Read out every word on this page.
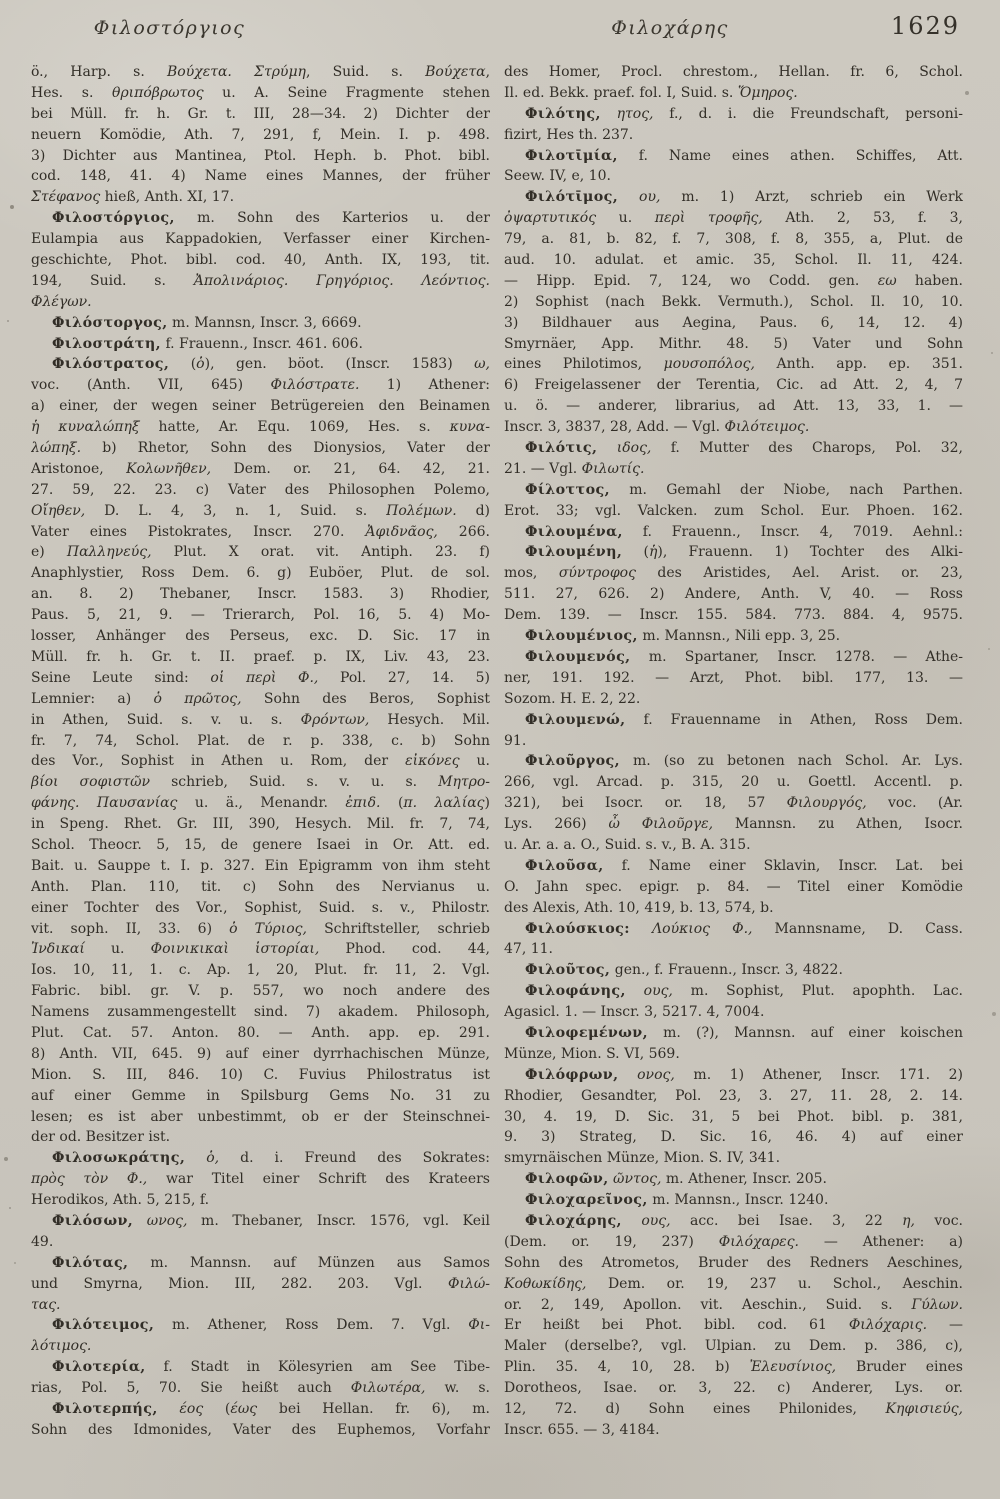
Φιλοστόργιος	Φιλοχάρης	1629
ö., Harp. s. Βούχετα. Στρύμη, Suid. s. Βούχετα,
Hes. s. θριπόβρωτος u. A. Seine Fragmente stehen
bei Müll. fr. h. Gr. t. III, 28—34. 2) Dichter der
neuern Komödie, Ath. 7, 291, f, Mein. I. p. 498.
3) Dichter aus Mantinea, Ptol. Heph. b. Phot. bibl.
cod. 148, 41. 4) Name eines Mannes, der früher
Στέφανος hieß, Anth. XI, 17.
Φιλοστόργιος, m. Sohn des Karterios u. der
Eulampia aus Kappadokien, Verfasser einer Kirchen-
geschichte, Phot. bibl. cod. 40, Anth. IX, 193, tit.
194, Suid. s. Ἀπολινάριος. Γρηγόριος. Λεόντιος.
Φλέγων.
Φιλόστοργος, m. Mannsn, Inscr. 3, 6669.
Φιλοστράτη, f. Frauenn., Inscr. 461. 606.
Φιλόστρατος, (ὁ), gen. böot. (Inscr. 1583) ω,
voc. (Anth. VII, 645) Φιλόστρατε. 1) Athener:
a) einer, der wegen seiner Betrügereien den Beinamen
ἡ κυναλώπηξ hatte, Ar. Equ. 1069, Hes. s. κυνα-
λώπηξ. b) Rhetor, Sohn des Dionysios, Vater der
Aristonoe, Κολωνῆθεν, Dem. or. 21, 64. 42, 21.
27. 59, 22. 23. c) Vater des Philosophen Polemo,
Οἴηθεν, D. L. 4, 3, n. 1, Suid. s. Πολέμων. d)
Vater eines Pistokrates, Inscr. 270. Ἀφιδνᾶος, 266.
e) Παλληνεύς, Plut. X orat. vit. Antiph. 23. f)
Anaphlystier, Ross Dem. 6. g) Euböer, Plut. de sol.
an. 8. 2) Thebaner, Inscr. 1583. 3) Rhodier,
Paus. 5, 21, 9. — Trierarch, Pol. 16, 5. 4) Mo-
losser, Anhänger des Perseus, exc. D. Sic. 17 in
Müll. fr. h. Gr. t. II. praef. p. IX, Liv. 43, 23.
Seine Leute sind: οἱ περὶ Φ., Pol. 27, 14. 5)
Lemnier: a) ὁ πρῶτος, Sohn des Beros, Sophist
in Athen, Suid. s. v. u. s. Φρόντων, Hesych. Mil.
fr. 7, 74, Schol. Plat. de r. p. 338, c. b) Sohn
des Vor., Sophist in Athen u. Rom, der εἰκόνες u.
βίοι σοφιστῶν schrieb, Suid. s. v. u. s. Μητρο-
φάνης. Παυσανίας u. ä., Menandr. ἐπιδ. (π. λαλίας)
in Speng. Rhet. Gr. III, 390, Hesych. Mil. fr. 7, 74,
Schol. Theocr. 5, 15, de genere Isaei in Or. Att. ed.
Bait. u. Sauppe t. I. p. 327. Ein Epigramm von ihm steht
Anth. Plan. 110, tit. c) Sohn des Nervianus u.
einer Tochter des Vor., Sophist, Suid. s. v., Philostr.
vit. soph. II, 33. 6) ὁ Τύριος, Schriftsteller, schrieb
Ἰνδικαί u. Φοινικικαὶ ἱστορίαι, Phod. cod. 44,
Ios. 10, 11, 1. c. Ap. 1, 20, Plut. fr. 11, 2. Vgl.
Fabric. bibl. gr. V. p. 557, wo noch andere des
Namens zusammengestellt sind. 7) akadem. Philosoph,
Plut. Cat. 57. Anton. 80. — Anth. app. ep. 291.
8) Anth. VII, 645. 9) auf einer dyrrhachischen Münze,
Mion. S. III, 846. 10) C. Fuvius Philostratus ist
auf einer Gemme in Spilsburg Gems No. 31 zu
lesen; es ist aber unbestimmt, ob er der Steinschnei-
der od. Besitzer ist.
Φιλοσωκράτης, ὁ, d. i. Freund des Sokrates:
πρὸς τὸν Φ., war Titel einer Schrift des Krateers
Herodikos, Ath. 5, 215, f.
Φιλόσων, ωνος, m. Thebaner, Inscr. 1576, vgl. Keil
49.
Φιλότας, m. Mannsn. auf Münzen aus Samos
und Smyrna, Mion. III, 282. 203. Vgl. Φιλώ-
τας.
Φιλότειμος, m. Athener, Ross Dem. 7. Vgl. Φι-
λότιμος.
Φιλοτερία, f. Stadt in Kölesyrien am See Tibe-
rias, Pol. 5, 70. Sie heißt auch Φιλωτέρα, w. s.
Φιλοτερπής, έος (έως bei Hellan. fr. 6), m.
Sohn des Idmonides, Vater des Euphemos, Vorfahr
des Homer, Procl. chrestom., Hellan. fr. 6, Schol.
Il. ed. Bekk. praef. fol. I, Suid. s. Ὅμηρος.
Φιλότης, ητος, f., d. i. die Freundschaft, personi-
fizirt, Hes th. 237.
Φιλοτῑμία, f. Name eines athen. Schiffes, Att.
Seew. IV, e, 10.
Φιλότῑμος, ου, m. 1) Arzt, schrieb ein Werk
ὀψαρτυτικός u. περὶ τροφῆς, Ath. 2, 53, f. 3,
79, a. 81, b. 82, f. 7, 308, f. 8, 355, a, Plut. de
aud. 10. adulat. et amic. 35, Schol. Il. 11, 424.
— Hipp. Epid. 7, 124, wo Codd. gen. εω haben.
2) Sophist (nach Bekk. Vermuth.), Schol. Il. 10, 10.
3) Bildhauer aus Aegina, Paus. 6, 14, 12. 4)
Smyrnäer, App. Mithr. 48. 5) Vater und Sohn
eines Philotimos, μουσοπόλος, Anth. app. ep. 351.
6) Freigelassener der Terentia, Cic. ad Att. 2, 4, 7
u. ö. — anderer, librarius, ad Att. 13, 33, 1. —
Inscr. 3, 3837, 28, Add. — Vgl. Φιλότειμος.
Φιλότις, ιδος, f. Mutter des Charops, Pol. 32,
21. — Vgl. Φιλωτίς.
Φίλοττος, m. Gemahl der Niobe, nach Parthen.
Erot. 33; vgl. Valcken. zum Schol. Eur. Phoen. 162.
Φιλουμένα, f. Frauenn., Inscr. 4, 7019. Aehnl.:
Φιλουμένη, (ἡ), Frauenn. 1) Tochter des Alki-
mos, σύντροφος des Aristides, Ael. Arist. or. 23,
511. 27, 626. 2) Andere, Anth. V, 40. — Ross
Dem. 139. — Inscr. 155. 584. 773. 884. 4, 9575.
Φιλουμένιος, m. Mannsn., Nili epp. 3, 25.
Φιλουμενός, m. Spartaner, Inscr. 1278. — Athe-
ner, 191. 192. — Arzt, Phot. bibl. 177, 13. —
Sozom. H. E. 2, 22.
Φιλουμενώ, f. Frauenname in Athen, Ross Dem.
91.
Φιλοῦργος, m. (so zu betonen nach Schol. Ar. Lys.
266, vgl. Arcad. p. 315, 20 u. Goettl. Accentl. p.
321), bei Isocr. or. 18, 57 Φιλουργός, voc. (Ar.
Lys. 266) ὦ Φιλοῦργε, Mannsn. zu Athen, Isocr.
u. Ar. a. a. O., Suid. s. v., B. A. 315.
Φιλοῦσα, f. Name einer Sklavin, Inscr. Lat. bei
O. Jahn spec. epigr. p. 84. — Titel einer Komödie
des Alexis, Ath. 10, 419, b. 13, 574, b.
Φιλούσκιος: Λούκιος Φ., Mannsname, D. Cass.
47, 11.
Φιλοῦτος, gen., f. Frauenn., Inscr. 3, 4822.
Φιλοφάνης, ους, m. Sophist, Plut. apophth. Lac.
Agasicl. 1. — Inscr. 3, 5217. 4, 7004.
Φιλοφεμένων, m. (?), Mannsn. auf einer koischen
Münze, Mion. S. VI, 569.
Φιλόφρων, ονος, m. 1) Athener, Inscr. 171. 2)
Rhodier, Gesandter, Pol. 23, 3. 27, 11. 28, 2. 14.
30, 4. 19, D. Sic. 31, 5 bei Phot. bibl. p. 381,
9. 3) Strateg, D. Sic. 16, 46. 4) auf einer
smyrnäischen Münze, Mion. S. IV, 341.
Φιλοφῶν, ῶντος, m. Athener, Inscr. 205.
Φιλοχαρεῖνος, m. Mannsn., Inscr. 1240.
Φιλοχάρης, ους, acc. bei Isae. 3, 22 η, voc.
(Dem. or. 19, 237) Φιλόχαρες. — Athener: a)
Sohn des Atrometos, Bruder des Redners Aeschines,
Κοθωκίδης, Dem. or. 19, 237 u. Schol., Aeschin.
or. 2, 149, Apollon. vit. Aeschin., Suid. s. Γύλων.
Er heißt bei Phot. bibl. cod. 61 Φιλόχαρις. —
Maler (derselbe?, vgl. Ulpian. zu Dem. p. 386, c),
Plin. 35. 4, 10, 28. b) Ἐλευσίνιος, Bruder eines
Dorotheos, Isae. or. 3, 22. c) Anderer, Lys. or.
12, 72. d) Sohn eines Philonides, Κηφισιεύς,
Inscr. 655. — 3, 4184.
